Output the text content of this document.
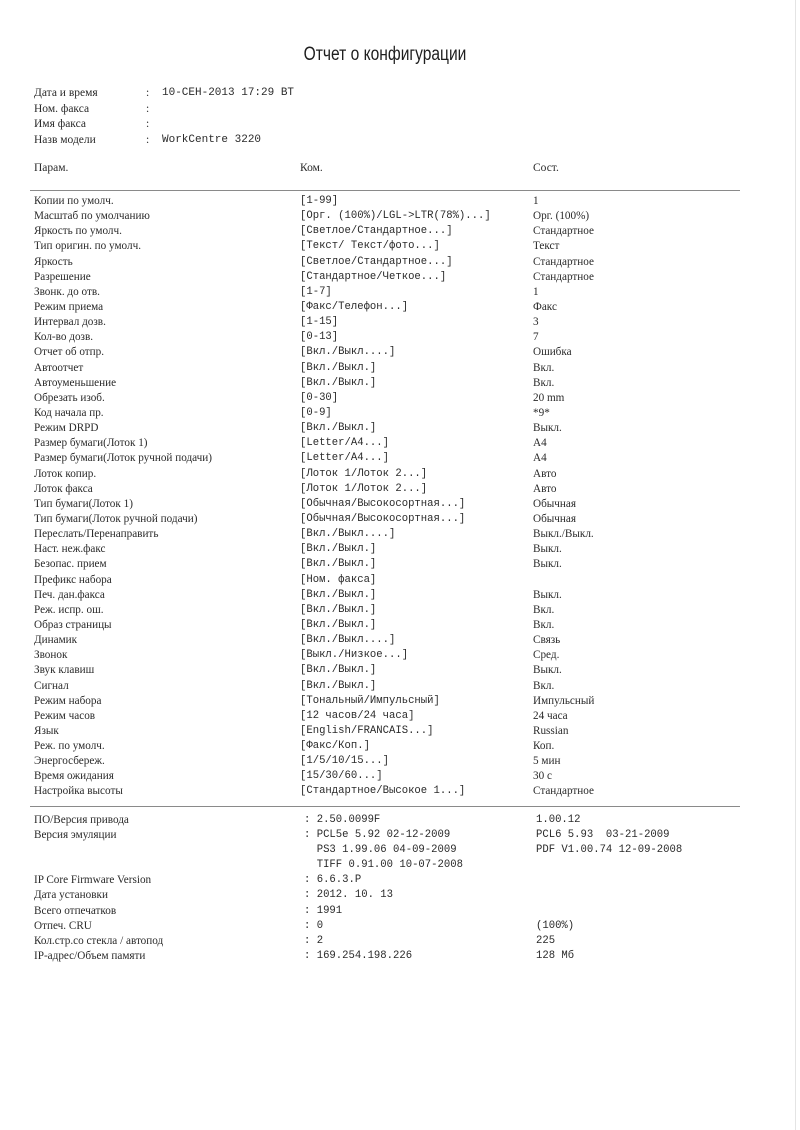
Отчет о конфигурации
Дата и время	:	10-СЕН-2013 17:29 ВТ
Ном. факса	:
Имя факса	:
Назв модели	:	WorkCentre 3220
Парам.	Ком.	Сост.
Копии по умолч.	[1-99]	1
Масштаб по умолчанию	[Орг. (100%)/LGL->LTR(78%)...]	Орг. (100%)
Яркость по умолч.	[Светлое/Стандартное...]	Стандартное
Тип оригин. по умолч.	[Текст/ Текст/фото...]	Текст
Яркость	[Светлое/Стандартное...]	Стандартное
Разрешение	[Стандартное/Четкое...]	Стандартное
Звонк. до отв.	[1-7]	1
Режим приема	[Факс/Телефон...]	Факс
Интервал дозв.	[1-15]	3
Кол-во дозв.	[0-13]	7
Отчет об отпр.	[Вкл./Выкл....]	Ошибка
Автоотчет	[Вкл./Выкл.]	Вкл.
Автоуменьшение	[Вкл./Выкл.]	Вкл.
Обрезать изоб.	[0-30]	20 mm
Код начала пр.	[0-9]	*9*
Режим DRPD	[Вкл./Выкл.]	Выкл.
Размер бумаги(Лоток 1)	[Letter/A4...]	A4
Размер бумаги(Лоток ручной подачи)	[Letter/A4...]	A4
Лоток копир.	[Лоток 1/Лоток 2...]	Авто
Лоток факса	[Лоток 1/Лоток 2...]	Авто
Тип бумаги(Лоток 1)	[Обычная/Высокосортная...]	Обычная
Тип бумаги(Лоток ручной подачи)	[Обычная/Высокосортная...]	Обычная
Переслать/Перенаправить	[Вкл./Выкл....]	Выкл./Выкл.
Наст. неж.факс	[Вкл./Выкл.]	Выкл.
Безопас. прием	[Вкл./Выкл.]	Выкл.
Префикс набора	[Ном. факса]
Печ. дан.факса	[Вкл./Выкл.]	Выкл.
Реж. испр. ош.	[Вкл./Выкл.]	Вкл.
Образ страницы	[Вкл./Выкл.]	Вкл.
Динамик	[Вкл./Выкл....]	Связь
Звонок	[Выкл./Низкое...]	Сред.
Звук клавиш	[Вкл./Выкл.]	Выкл.
Сигнал	[Вкл./Выкл.]	Вкл.
Режим набора	[Тональный/Импульсный]	Импульсный
Режим часов	[12 часов/24 часа]	24 часа
Язык	[English/FRANCAIS...]	Russian
Реж. по умолч.	[Факс/Коп.]	Коп.
Энергосбереж.	[1/5/10/15...]	5 мин
Время ожидания	[15/30/60...]	30 с
Настройка высоты	[Стандартное/Высокое 1...]	Стандартное
ПО/Версия привода	: 2.50.0099F	1.00.12
Версия эмуляции	: PCL5e 5.92 02-12-2009	PCL6 5.93  03-21-2009
PS3 1.99.06 04-09-2009	PDF V1.00.74 12-09-2008
TIFF 0.91.00 10-07-2008
IP Core Firmware Version	: 6.6.3.P
Дата установки	: 2012. 10. 13
Всего отпечатков	: 1991
Отпеч. CRU	: 0	(100%)
Кол.стр.со стекла / автопод	: 2	225
IP-адрес/Объем памяти	: 169.254.198.226	128 Мб
